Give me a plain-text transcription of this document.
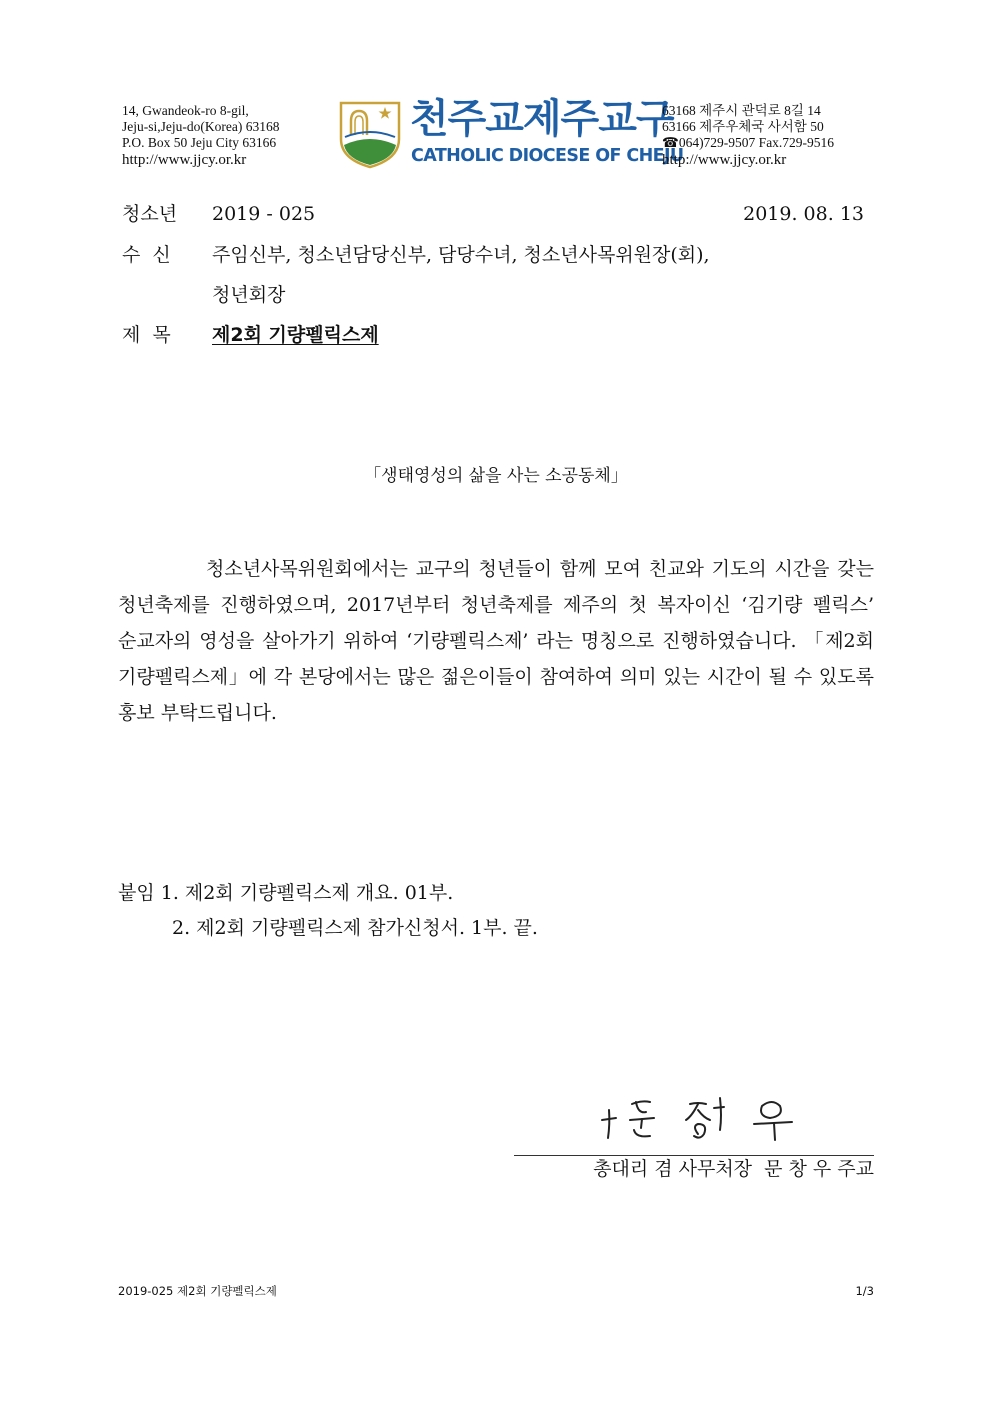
14, Gwandeok-ro 8-gil,
Jeju-si,Jeju-do(Korea) 63168
P.O. Box 50 Jeju City 63166
http://www.jjcy.or.kr
천주교제주교구
CATHOLIC DIOCESE OF CHEJU
63168 제주시 관덕로 8길 14
63166 제주우체국 사서함 50
☎064)729-9507 Fax.729-9516
http://www.jjcy.or.kr
청소년 2019 - 025	2019. 08. 13
수  신 주임신부, 청소년담당신부, 담당수녀, 청소년사목위원장(회),
청년회장
제  목 제2회 기량펠릭스제
「생태영성의 삶을 사는 소공동체」
청소년사목위원회에서는 교구의 청년들이 함께 모여 친교와 기도의 시간을 갖는 청년축제를 진행하였으며, 2017년부터 청년축제를 제주의 첫 복자이신 ‘김기량 펠릭스’ 순교자의 영성을 살아가기 위하여 ‘기량펠릭스제’ 라는 명칭으로 진행하였습니다. 「제2회 기량펠릭스제」에 각 본당에서는 많은 젊은이들이 참여하여 의미 있는 시간이 될 수 있도록 홍보 부탁드립니다.
붙임 1. 제2회 기량펠릭스제 개요. 01부.
2. 제2회 기량펠릭스제 참가신청서. 1부. 끝.
총대리 겸 사무처장  문 창 우 주교
2019-025 제2회 기량펠릭스제	1/3
